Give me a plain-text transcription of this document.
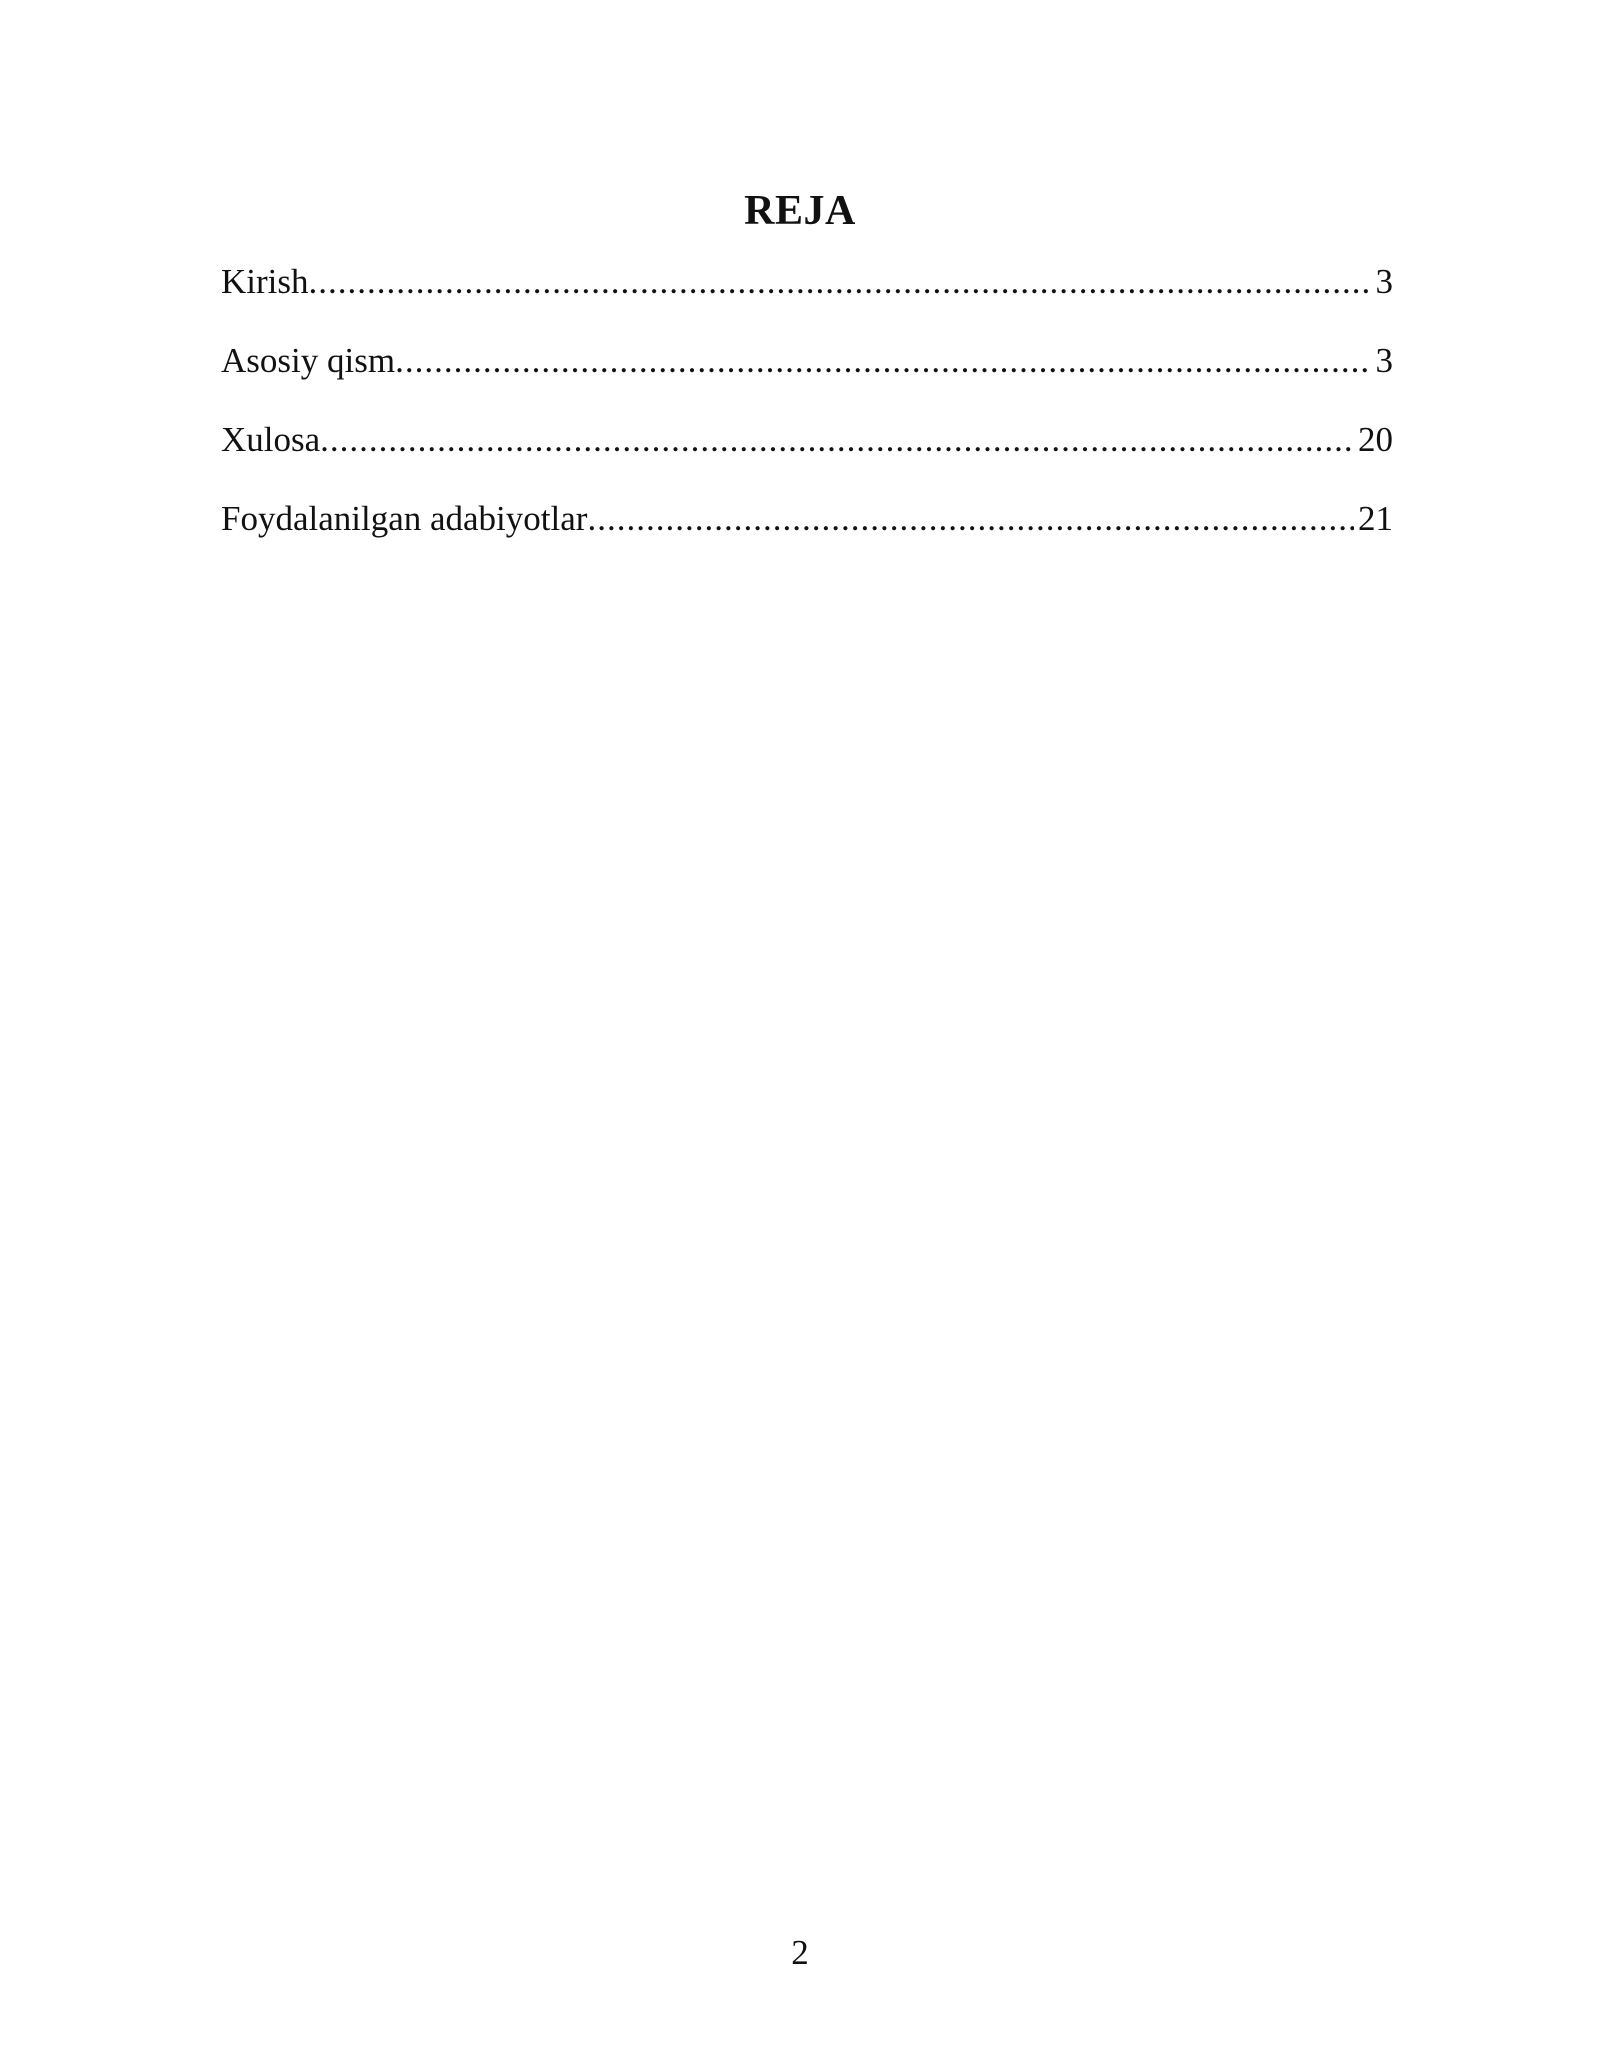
REJA
Kirish .....	3
Asosiy qism .....	3
Xulosa .....	20
Foydalanilgan adabiyotlar .....	21
2
